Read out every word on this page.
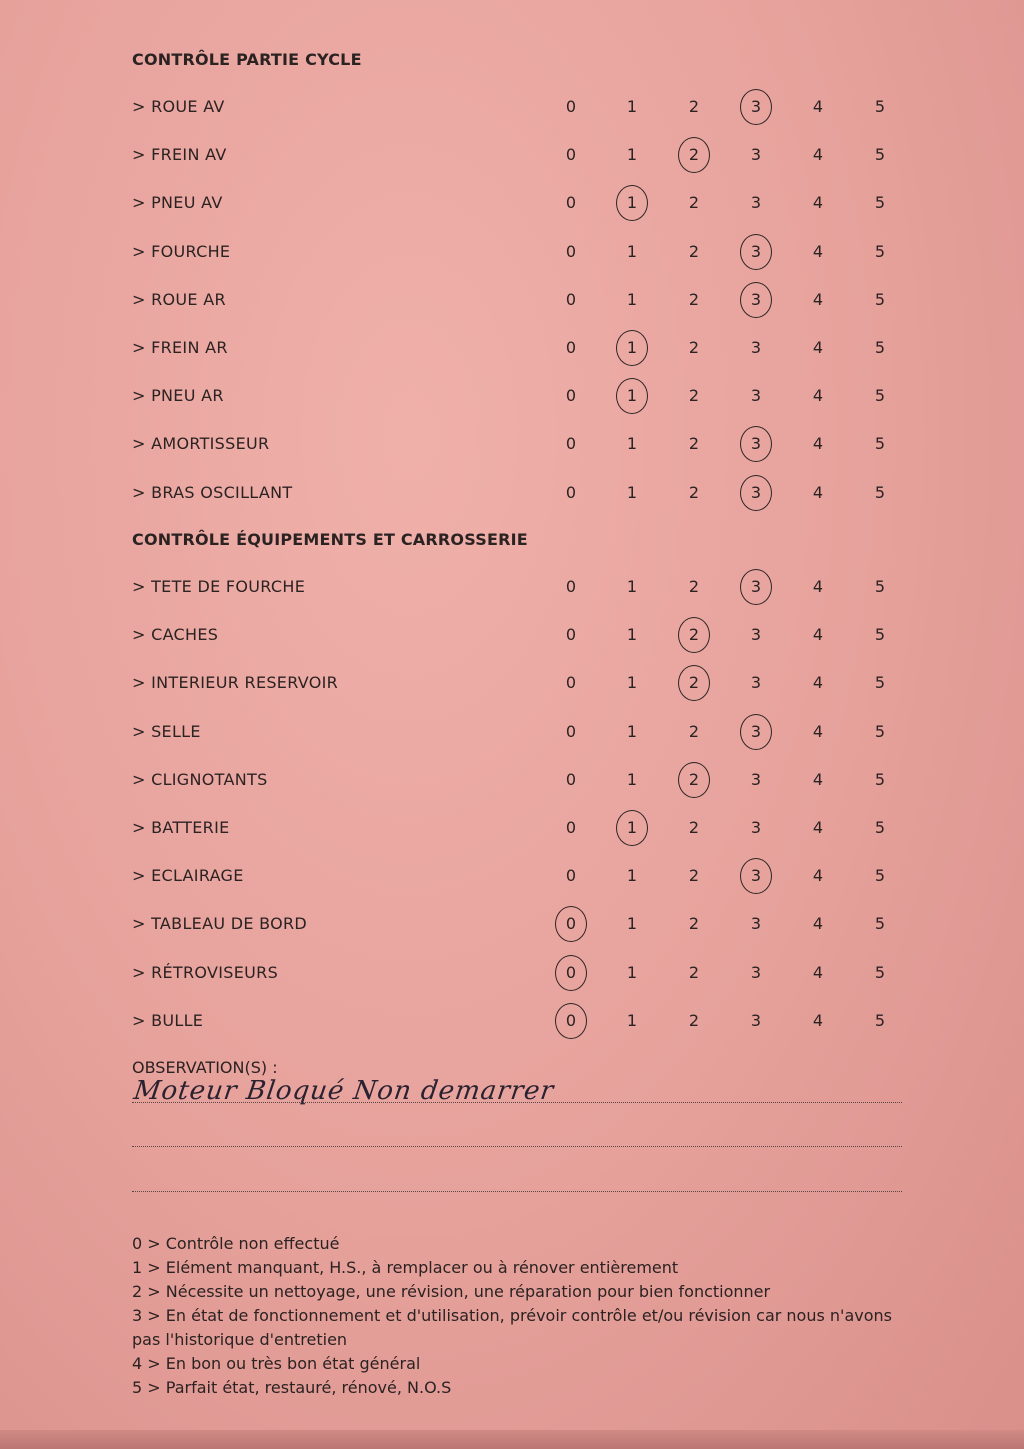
CONTRÔLE PARTIE CYCLE
> ROUE AV	0	1	2	3	4	5
> FREIN AV	0	1	2	3	4	5
> PNEU AV	0	1	2	3	4	5
> FOURCHE	0	1	2	3	4	5
> ROUE AR	0	1	2	3	4	5
> FREIN AR	0	1	2	3	4	5
> PNEU AR	0	1	2	3	4	5
> AMORTISSEUR	0	1	2	3	4	5
> BRAS OSCILLANT	0	1	2	3	4	5
CONTRÔLE ÉQUIPEMENTS ET CARROSSERIE
> TETE DE FOURCHE	0	1	2	3	4	5
> CACHES	0	1	2	3	4	5
> INTERIEUR RESERVOIR	0	1	2	3	4	5
> SELLE	0	1	2	3	4	5
> CLIGNOTANTS	0	1	2	3	4	5
> BATTERIE	0	1	2	3	4	5
> ECLAIRAGE	0	1	2	3	4	5
> TABLEAU DE BORD	0	1	2	3	4	5
> RÉTROVISEURS	0	1	2	3	4	5
> BULLE	0	1	2	3	4	5
OBSERVATION(S) :
Moteur Bloqué Non demarrer
0 > Contrôle non effectué
1 > Elément manquant, H.S., à remplacer ou à rénover entièrement
2 > Nécessite un nettoyage, une révision, une réparation pour bien fonctionner
3 > En état de fonctionnement et d'utilisation, prévoir contrôle et/ou révision car nous n'avons pas l'historique d'entretien
4 > En bon ou très bon état général
5 > Parfait état, restauré, rénové, N.O.S
